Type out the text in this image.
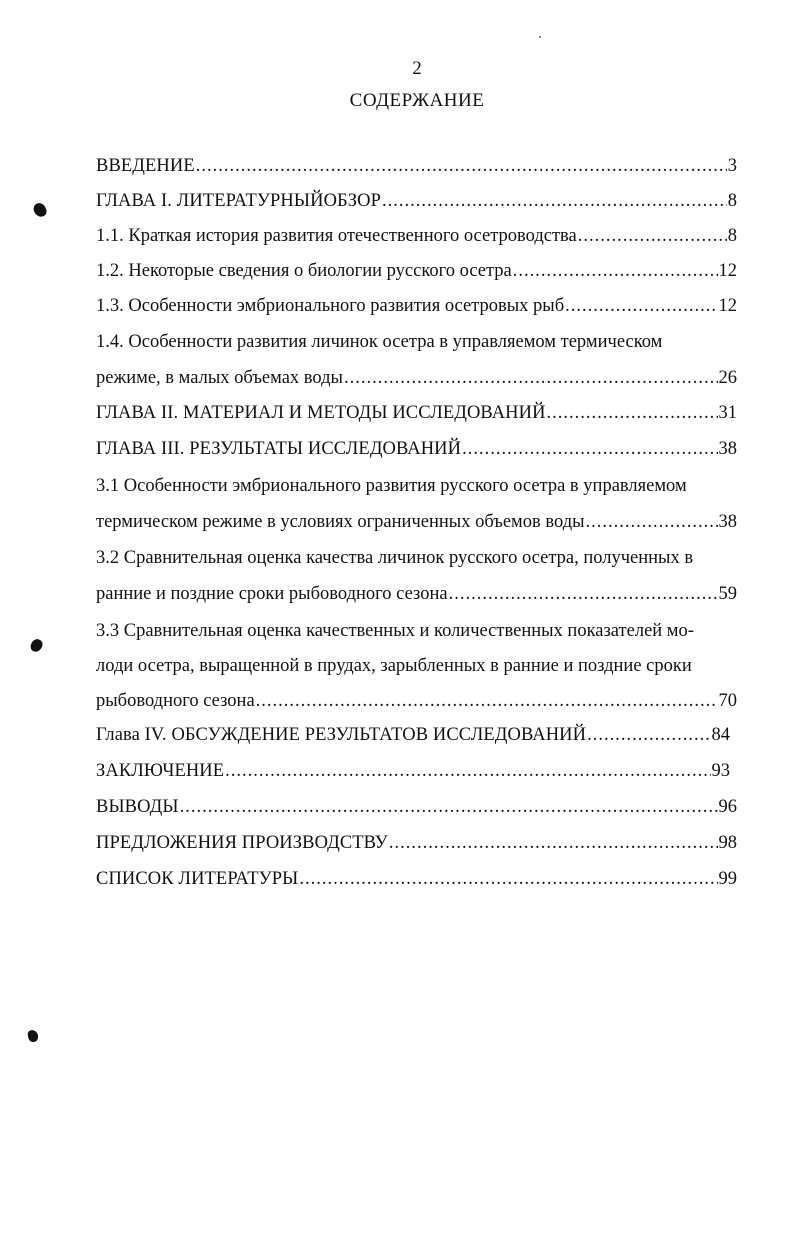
2
СОДЕРЖАНИЕ
ВВЕДЕНИЕ .....	3
ГЛАВА I. ЛИТЕРАТУРНЫЙОБЗОР .....	8
1.1. Краткая история развития отечественного осетроводства .....	8
1.2. Некоторые сведения о биологии русского осетра .....	12
1.3. Особенности эмбрионального развития осетровых рыб .....	12
1.4. Особенности развития личинок осетра в управляемом термическом
режиме, в малых объемах воды .....	26
ГЛАВА II. МАТЕРИАЛ И МЕТОДЫ ИССЛЕДОВАНИЙ .....	31
ГЛАВА III. РЕЗУЛЬТАТЫ ИССЛЕДОВАНИЙ .....	38
3.1 Особенности эмбрионального развития русского осетра в управляемом
термическом режиме в условиях ограниченных объемов воды .....	38
3.2 Сравнительная оценка качества личинок русского осетра, полученных в
ранние и поздние сроки рыбоводного сезона .....	59
3.3 Сравнительная оценка качественных и количественных показателей мо-
лоди осетра, выращенной в прудах, зарыбленных в ранние и поздние сроки
рыбоводного сезона .....	70
Глава IV. ОБСУЖДЕНИЕ РЕЗУЛЬТАТОВ ИССЛЕДОВАНИЙ .....	84
ЗАКЛЮЧЕНИЕ .....	93
ВЫВОДЫ .....	96
ПРЕДЛОЖЕНИЯ ПРОИЗВОДСТВУ .....	98
СПИСОК ЛИТЕРАТУРЫ .....	99
